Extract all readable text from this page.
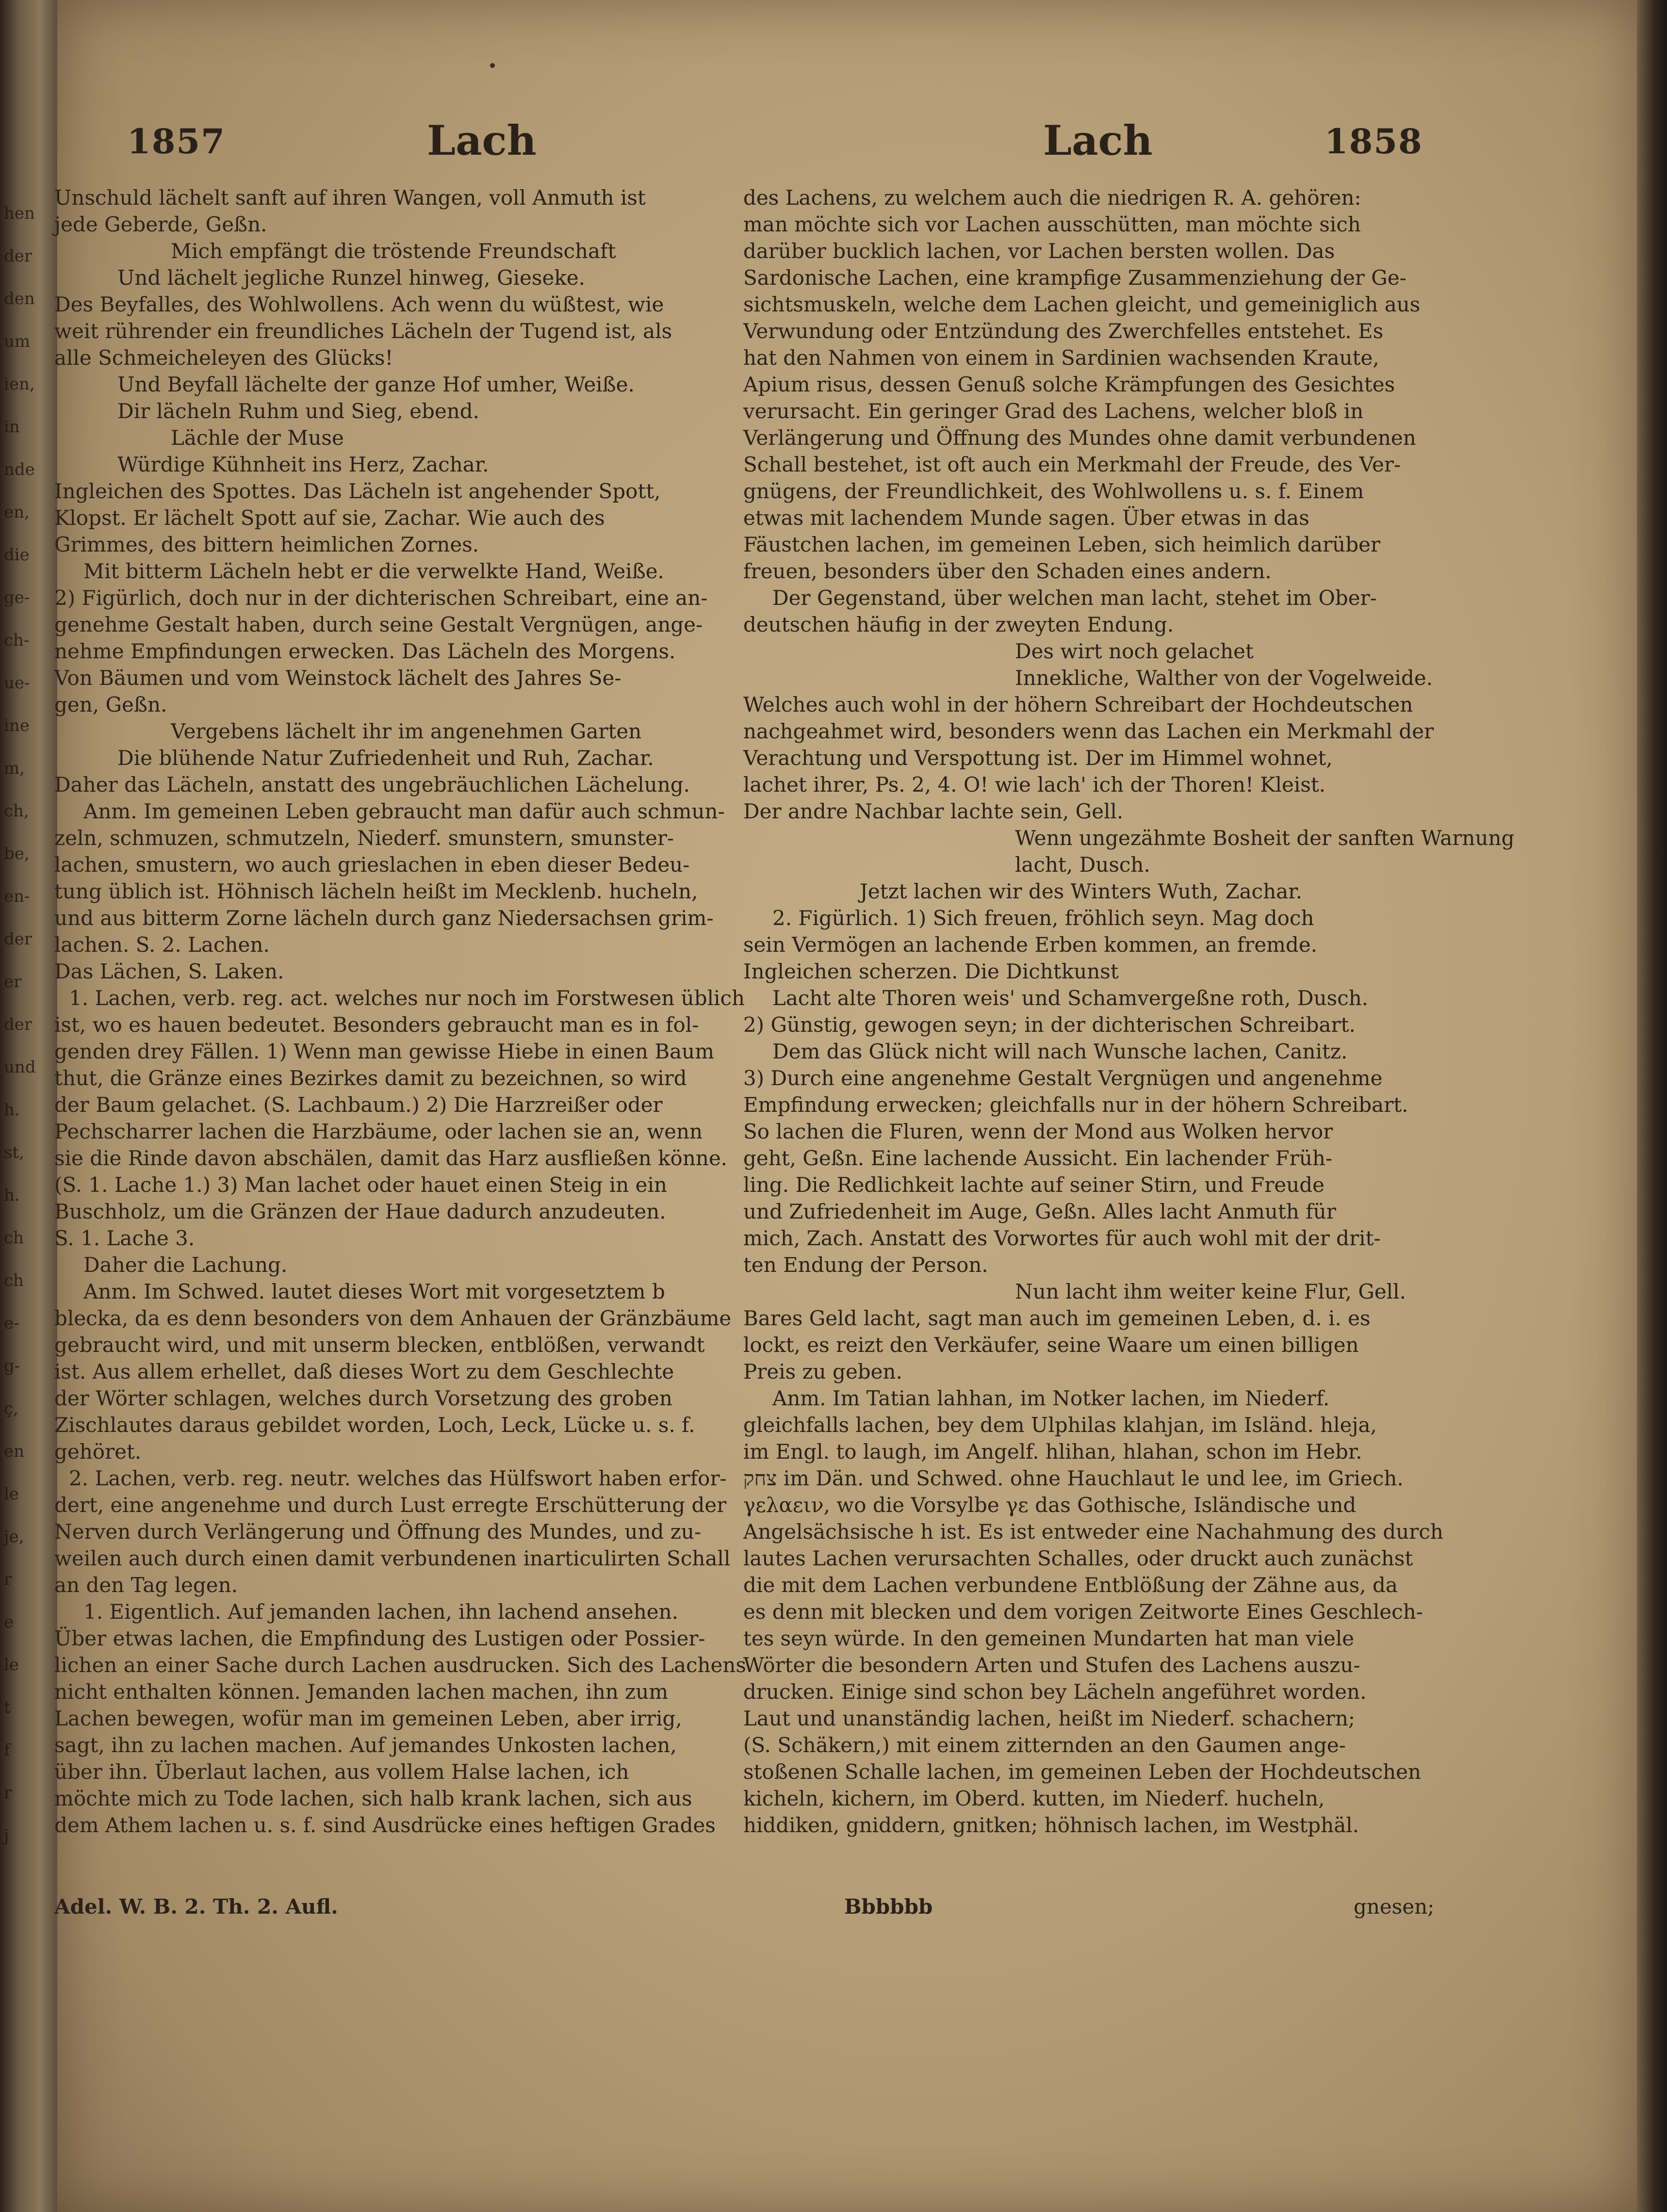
hen
der
den
um
ien,
in
nde
en,
die
ge-
ch-
ue-
ine
m,
ch,
be,
en-
der
er
der
und
h.
st,
h.
ch
ch
e-
g-
ç,
en
le
je,
r
e
le
t
f
r
j
1857	Lach	Lach	1858
Unschuld lächelt sanft auf ihren Wangen, voll Anmuth ist
jede Geberde, Geßn.
Mich empfängt die tröstende Freundschaft
Und lächelt jegliche Runzel hinweg, Gieseke.
Des Beyfalles, des Wohlwollens. Ach wenn du wüßtest, wie
weit rührender ein freundliches Lächeln der Tugend ist, als
alle Schmeicheleyen des Glücks!
Und Beyfall lächelte der ganze Hof umher, Weiße.
Dir lächeln Ruhm und Sieg, ebend.
Lächle der Muse
Würdige Kühnheit ins Herz, Zachar.
Ingleichen des Spottes. Das Lächeln ist angehender Spott,
Klopst. Er lächelt Spott auf sie, Zachar. Wie auch des
Grimmes, des bittern heimlichen Zornes.
Mit bitterm Lächeln hebt er die verwelkte Hand, Weiße.
2) Figürlich, doch nur in der dichterischen Schreibart, eine an-
genehme Gestalt haben, durch seine Gestalt Vergnügen, ange-
nehme Empfindungen erwecken. Das Lächeln des Morgens.
Von Bäumen und vom Weinstock lächelt des Jahres Se-
gen, Geßn.
Vergebens lächelt ihr im angenehmen Garten
Die blühende Natur Zufriedenheit und Ruh, Zachar.
Daher das Lächeln, anstatt des ungebräuchlichen Lächelung.
Anm. Im gemeinen Leben gebraucht man dafür auch schmun-
zeln, schmuzen, schmutzeln, Niederf. smunstern, smunster-
lachen, smustern, wo auch grieslachen in eben dieser Bedeu-
tung üblich ist. Höhnisch lächeln heißt im Mecklenb. hucheln,
und aus bitterm Zorne lächeln durch ganz Niedersachsen grim-
lachen. S. 2. Lachen.
Das Lächen, S. Laken.
1. Lachen, verb. reg. act. welches nur noch im Forstwesen üblich
ist, wo es hauen bedeutet. Besonders gebraucht man es in fol-
genden drey Fällen. 1) Wenn man gewisse Hiebe in einen Baum
thut, die Gränze eines Bezirkes damit zu bezeichnen, so wird
der Baum gelachet. (S. Lachbaum.) 2) Die Harzreißer oder
Pechscharrer lachen die Harzbäume, oder lachen sie an, wenn
sie die Rinde davon abschälen, damit das Harz ausfließen könne.
(S. 1. Lache 1.) 3) Man lachet oder hauet einen Steig in ein
Buschholz, um die Gränzen der Haue dadurch anzudeuten.
S. 1. Lache 3.
Daher die Lachung.
Anm. Im Schwed. lautet dieses Wort mit vorgesetztem b
blecka, da es denn besonders von dem Anhauen der Gränzbäume
gebraucht wird, und mit unserm blecken, entblößen, verwandt
ist. Aus allem erhellet, daß dieses Wort zu dem Geschlechte
der Wörter schlagen, welches durch Vorsetzung des groben
Zischlautes daraus gebildet worden, Loch, Leck, Lücke u. s. f.
gehöret.
2. Lachen, verb. reg. neutr. welches das Hülfswort haben erfor-
dert, eine angenehme und durch Lust erregte Erschütterung der
Nerven durch Verlängerung und Öffnung des Mundes, und zu-
weilen auch durch einen damit verbundenen inarticulirten Schall
an den Tag legen.
1. Eigentlich. Auf jemanden lachen, ihn lachend ansehen.
Über etwas lachen, die Empfindung des Lustigen oder Possier-
lichen an einer Sache durch Lachen ausdrucken. Sich des Lachens
nicht enthalten können. Jemanden lachen machen, ihn zum
Lachen bewegen, wofür man im gemeinen Leben, aber irrig,
sagt, ihn zu lachen machen. Auf jemandes Unkosten lachen,
über ihn. Überlaut lachen, aus vollem Halse lachen, ich
möchte mich zu Tode lachen, sich halb krank lachen, sich aus
dem Athem lachen u. s. f. sind Ausdrücke eines heftigen Grades
des Lachens, zu welchem auch die niedrigen R. A. gehören:
man möchte sich vor Lachen ausschütten, man möchte sich
darüber bucklich lachen, vor Lachen bersten wollen. Das
Sardonische Lachen, eine krampfige Zusammenziehung der Ge-
sichtsmuskeln, welche dem Lachen gleicht, und gemeiniglich aus
Verwundung oder Entzündung des Zwerchfelles entstehet. Es
hat den Nahmen von einem in Sardinien wachsenden Kraute,
Apium risus, dessen Genuß solche Krämpfungen des Gesichtes
verursacht. Ein geringer Grad des Lachens, welcher bloß in
Verlängerung und Öffnung des Mundes ohne damit verbundenen
Schall bestehet, ist oft auch ein Merkmahl der Freude, des Ver-
gnügens, der Freundlichkeit, des Wohlwollens u. s. f. Einem
etwas mit lachendem Munde sagen. Über etwas in das
Fäustchen lachen, im gemeinen Leben, sich heimlich darüber
freuen, besonders über den Schaden eines andern.
Der Gegenstand, über welchen man lacht, stehet im Ober-
deutschen häufig in der zweyten Endung.
Des wirt noch gelachet
Innekliche, Walther von der Vogelweide.
Welches auch wohl in der höhern Schreibart der Hochdeutschen
nachgeahmet wird, besonders wenn das Lachen ein Merkmahl der
Verachtung und Verspottung ist. Der im Himmel wohnet,
lachet ihrer, Ps. 2, 4. O! wie lach' ich der Thoren! Kleist.
Der andre Nachbar lachte sein, Gell.
Wenn ungezähmte Bosheit der sanften Warnung
lacht, Dusch.
Jetzt lachen wir des Winters Wuth, Zachar.
2. Figürlich. 1) Sich freuen, fröhlich seyn. Mag doch
sein Vermögen an lachende Erben kommen, an fremde.
Ingleichen scherzen. Die Dichtkunst
Lacht alte Thoren weis' und Schamvergeßne roth, Dusch.
2) Günstig, gewogen seyn; in der dichterischen Schreibart.
Dem das Glück nicht will nach Wunsche lachen, Canitz.
3) Durch eine angenehme Gestalt Vergnügen und angenehme
Empfindung erwecken; gleichfalls nur in der höhern Schreibart.
So lachen die Fluren, wenn der Mond aus Wolken hervor
geht, Geßn. Eine lachende Aussicht. Ein lachender Früh-
ling. Die Redlichkeit lachte auf seiner Stirn, und Freude
und Zufriedenheit im Auge, Geßn. Alles lacht Anmuth für
mich, Zach. Anstatt des Vorwortes für auch wohl mit der drit-
ten Endung der Person.
Nun lacht ihm weiter keine Flur, Gell.
Bares Geld lacht, sagt man auch im gemeinen Leben, d. i. es
lockt, es reizt den Verkäufer, seine Waare um einen billigen
Preis zu geben.
Anm. Im Tatian lahhan, im Notker lachen, im Niederf.
gleichfalls lachen, bey dem Ulphilas klahjan, im Isländ. hleja,
im Engl. to laugh, im Angelf. hlihan, hlahan, schon im Hebr.
צחק im Dän. und Schwed. ohne Hauchlaut le und lee, im Griech.
γελαειν, wo die Vorsylbe γε das Gothische, Isländische und
Angelsächsische h ist. Es ist entweder eine Nachahmung des durch
lautes Lachen verursachten Schalles, oder druckt auch zunächst
die mit dem Lachen verbundene Entblößung der Zähne aus, da
es denn mit blecken und dem vorigen Zeitworte Eines Geschlech-
tes seyn würde. In den gemeinen Mundarten hat man viele
Wörter die besondern Arten und Stufen des Lachens auszu-
drucken. Einige sind schon bey Lächeln angeführet worden.
Laut und unanständig lachen, heißt im Niederf. schachern;
(S. Schäkern,) mit einem zitternden an den Gaumen ange-
stoßenen Schalle lachen, im gemeinen Leben der Hochdeutschen
kicheln, kichern, im Oberd. kutten, im Niederf. hucheln,
hiddiken, gniddern, gnitken; höhnisch lachen, im Westphäl.
Adel. W. B. 2. Th. 2. Aufl.	Bbbbbb	gnesen;
